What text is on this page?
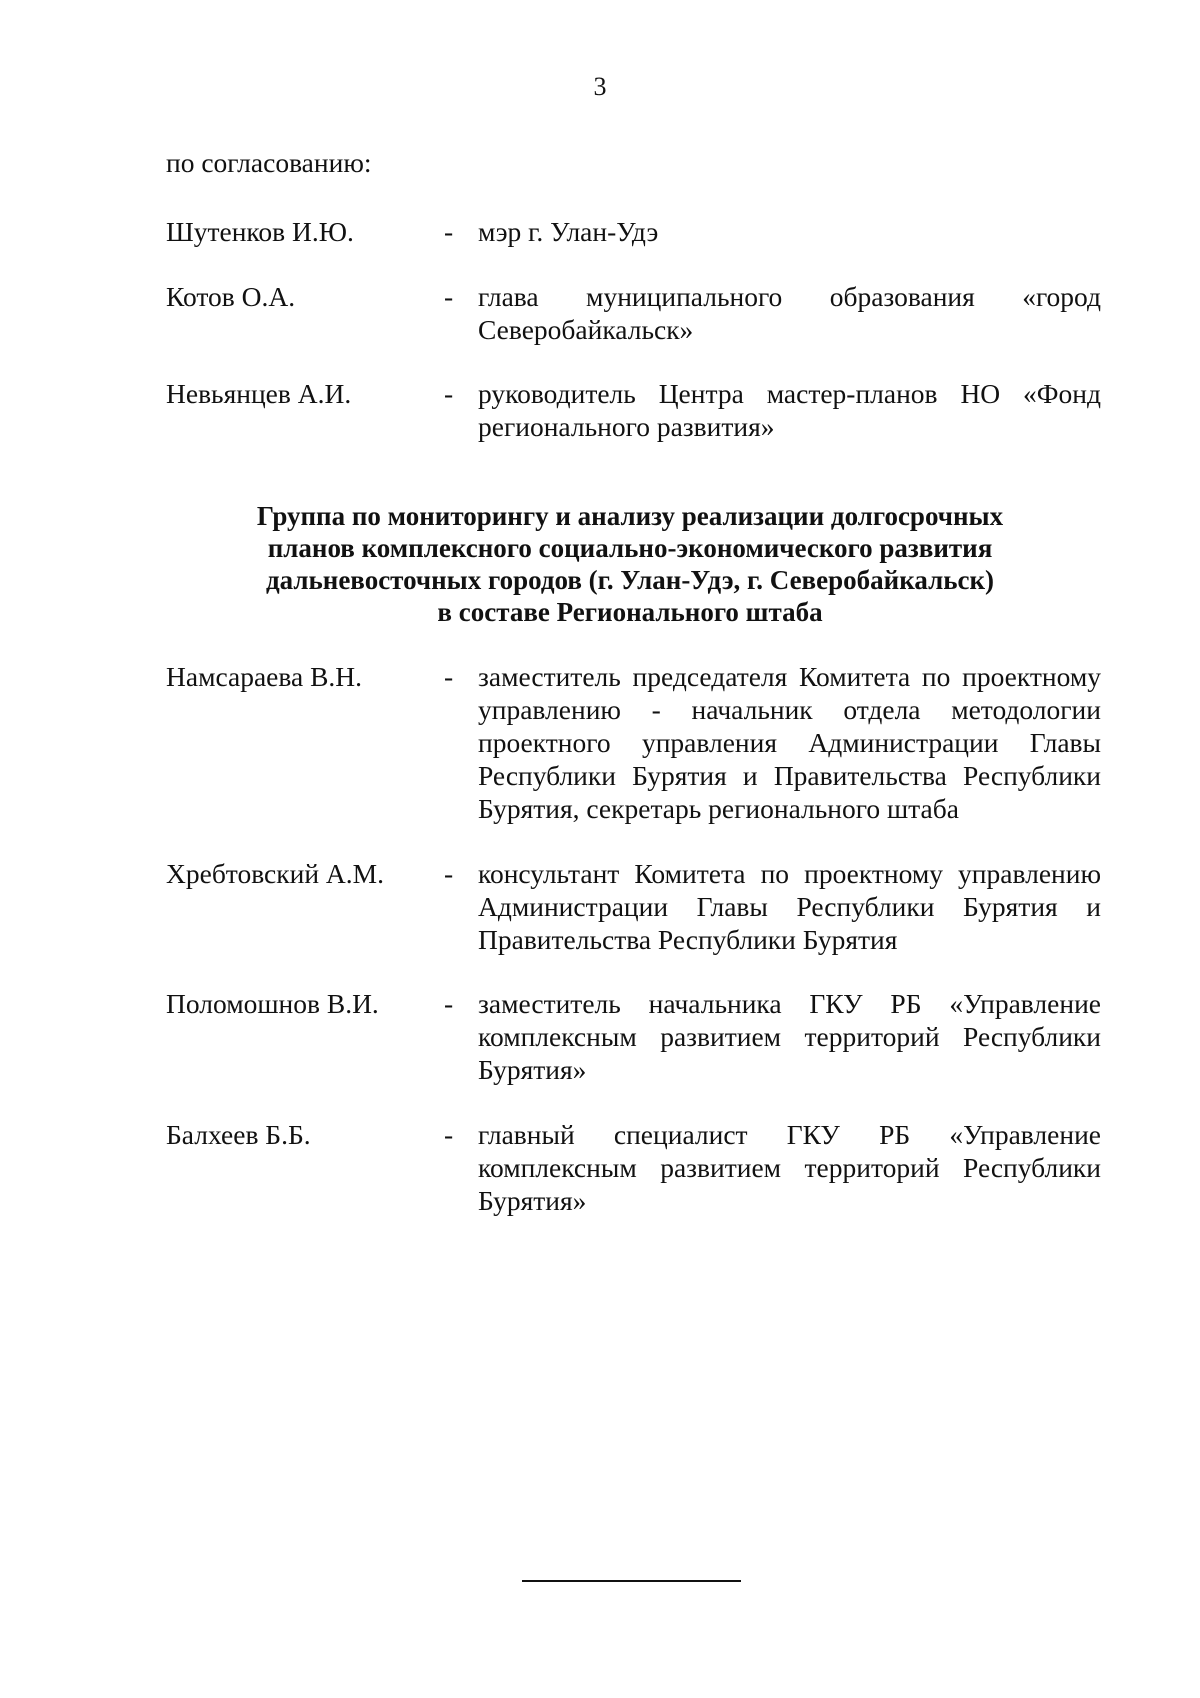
3
по согласованию:
Шутенков И.Ю.	- мэр г. Улан-Удэ
Котов О.А.	- глава муниципального образования «город Северобайкальск»
Невьянцев А.И.	- руководитель Центра мастер-планов НО «Фонд регионального развития»
Группа по мониторингу и анализу реализации долгосрочных
планов комплексного социально-экономического развития
дальневосточных городов (г. Улан-Удэ, г. Северобайкальск)
в составе Регионального штаба
Намсараева В.Н.	- заместитель председателя Комитета по проектному управлению - начальник отдела методологии проектного управления Администрации Главы Республики Бурятия и Правительства Республики Бурятия, секретарь регионального штаба
Хребтовский А.М. - консультант Комитета по проектному управлению Администрации Главы Республики Бурятия и Правительства Республики Бурятия
Поломошнов В.И. - заместитель начальника ГКУ РБ «Управление комплексным развитием территорий Республики Бурятия»
Балхеев Б.Б.	- главный специалист ГКУ РБ «Управление комплексным развитием территорий Республики Бурятия»
